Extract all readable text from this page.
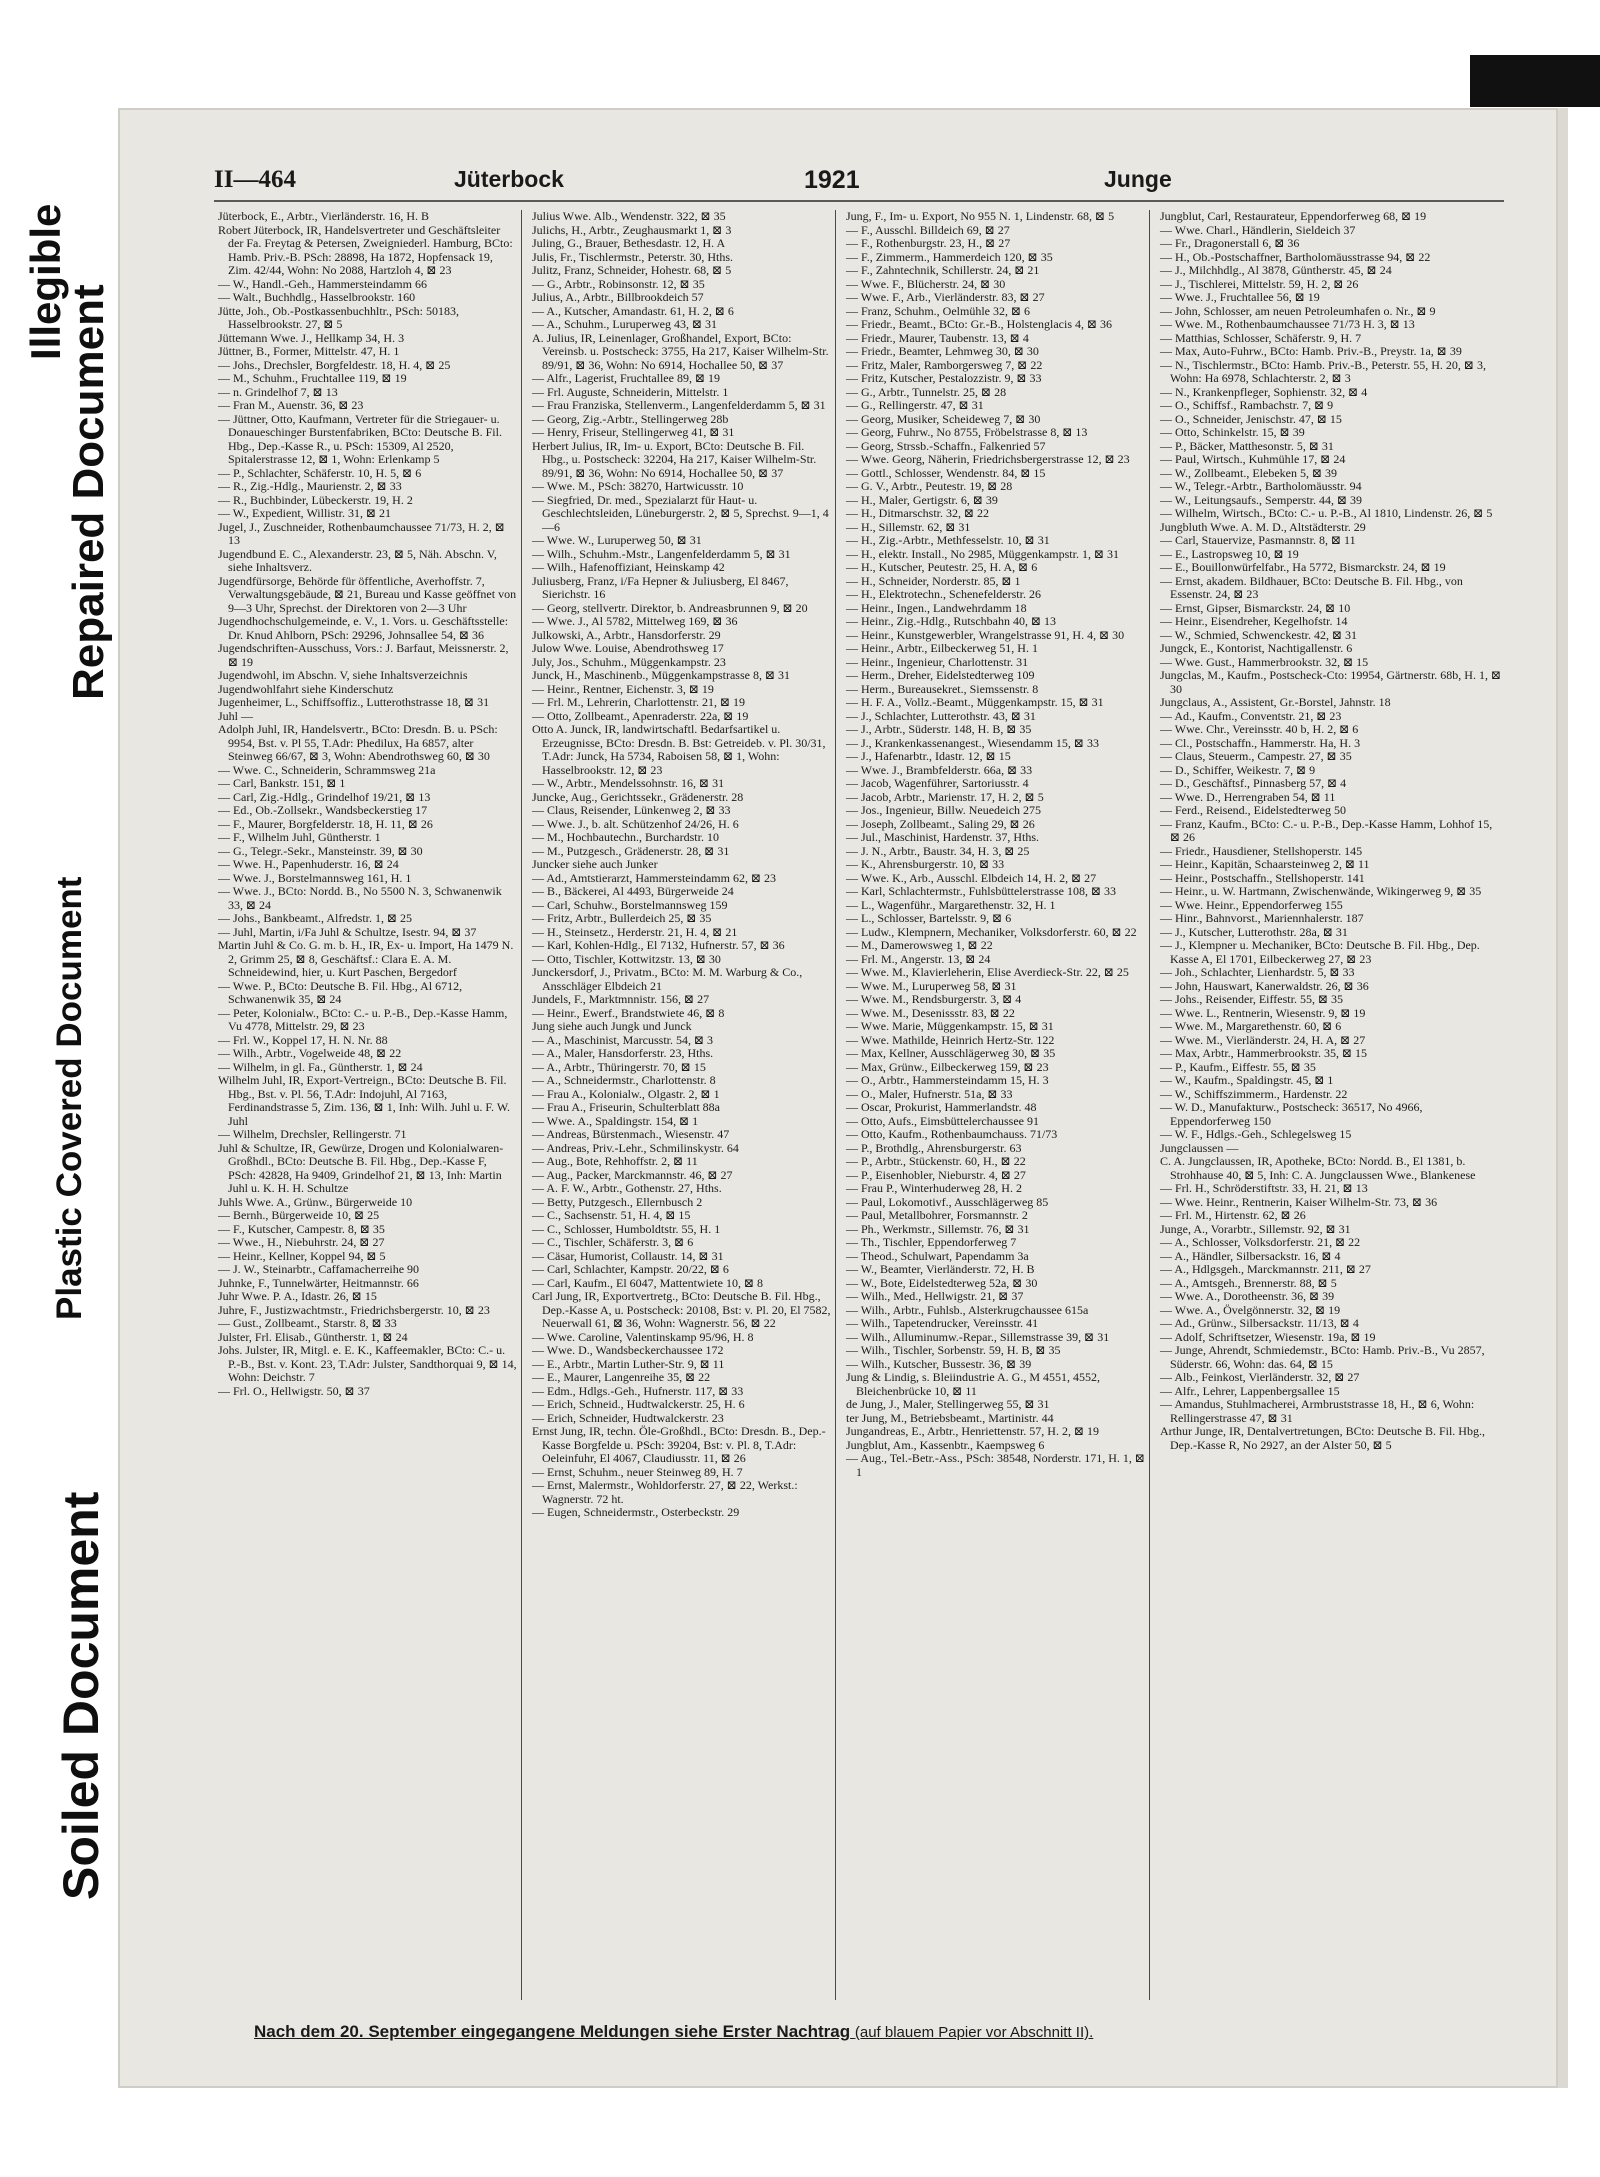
Illegible
Repaired Document
Plastic Covered Document
Soiled Document
II—464	Jüterbock	1921	Junge

Jüterbock, E., Arbtr., Vierländerstr. 16, H. B

Robert Jüterbock, IR, Handelsvertreter und Geschäftsleiter der Fa. Freytag & Petersen, Zweigniederl. Hamburg, BCto: Hamb. Priv.-B. PSch: 28898, Ha 1872, Hopfensack 19, Zim. 42/44, Wohn: No 2088, Hartzloh 4, ⊠ 23

— W., Handl.-Geh., Hammersteindamm 66

— Walt., Buchhdlg., Hasselbrookstr. 160

Jütte, Joh., Ob.-Postkassenbuchhltr., PSch: 50183, Hasselbrookstr. 27, ⊠ 5

Jüttemann Wwe. J., Hellkamp 34, H. 3

Jüttner, B., Former, Mittelstr. 47, H. 1

— Johs., Drechsler, Borgfeldestr. 18, H. 4, ⊠ 25

— M., Schuhm., Fruchtallee 119, ⊠ 19

— n. Grindelhof 7, ⊠ 13

— Fran M., Auenstr. 36, ⊠ 23

— Jüttner, Otto, Kaufmann, Vertreter für die Striegauer- u. Donaueschinger Burstenfabriken, BCto: Deutsche B. Fil. Hbg., Dep.-Kasse R., u. PSch: 15309, Al 2520, Spitalerstrasse 12, ⊠ 1, Wohn: Erlenkamp 5

— P., Schlachter, Schäferstr. 10, H. 5, ⊠ 6

— R., Zig.-Hdlg., Maurienstr. 2, ⊠ 33

— R., Buchbinder, Lübeckerstr. 19, H. 2

— W., Expedient, Willistr. 31, ⊠ 21

Jugel, J., Zuschneider, Rothenbaumchaussee 71/73, H. 2, ⊠ 13

Jugendbund E. C., Alexanderstr. 23, ⊠ 5, Näh. Abschn. V, siehe Inhaltsverz.

Jugendfürsorge, Behörde für öffentliche, Averhoffstr. 7, Verwaltungsgebäude, ⊠ 21, Bureau und Kasse geöffnet von 9—3 Uhr, Sprechst. der Direktoren von 2—3 Uhr

Jugendhochschulgemeinde, e. V., 1. Vors. u. Geschäftsstelle: Dr. Knud Ahlborn, PSch: 29296, Johnsallee 54, ⊠ 36

Jugendschriften-Ausschuss, Vors.: J. Barfaut, Meissnerstr. 2, ⊠ 19

Jugendwohl, im Abschn. V, siehe Inhaltsverzeichnis

Jugendwohlfahrt siehe Kinderschutz

Jugenheimer, L., Schiffsoffiz., Lutterothstrasse 18, ⊠ 31

Juhl —

Adolph Juhl, IR, Handelsvertr., BCto: Dresdn. B. u. PSch: 9954, Bst. v. Pl 55, T.Adr: Phedilux, Ha 6857, alter Steinweg 66/67, ⊠ 3, Wohn: Abendrothsweg 60, ⊠ 30

— Wwe. C., Schneiderin, Schrammsweg 21a

— Carl, Bankstr. 151, ⊠ 1

— Carl, Zig.-Hdlg., Grindelhof 19/21, ⊠ 13

— Ed., Ob.-Zollsekr., Wandsbeckerstieg 17

— F., Maurer, Borgfelderstr. 18, H. 11, ⊠ 26

— F., Wilhelm Juhl, Güntherstr. 1

— G., Telegr.-Sekr., Mansteinstr. 39, ⊠ 30

— Wwe. H., Papenhuderstr. 16, ⊠ 24

— Wwe. J., Borstelmannsweg 161, H. 1

— Wwe. J., BCto: Nordd. B., No 5500 N. 3, Schwanenwik 33, ⊠ 24

— Johs., Bankbeamt., Alfredstr. 1, ⊠ 25

— Juhl, Martin, i/Fa Juhl & Schultze, Isestr. 94, ⊠ 37

Martin Juhl & Co. G. m. b. H., IR, Ex- u. Import, Ha 1479 N. 2, Grimm 25, ⊠ 8, Geschäftsf.: Clara E. A. M. Schneidewind, hier, u. Kurt Paschen, Bergedorf

— Wwe. P., BCto: Deutsche B. Fil. Hbg., Al 6712, Schwanenwik 35, ⊠ 24

— Peter, Kolonialw., BCto: C.- u. P.-B., Dep.-Kasse Hamm, Vu 4778, Mittelstr. 29, ⊠ 23

— Frl. W., Koppel 17, H. N. Nr. 88

— Wilh., Arbtr., Vogelweide 48, ⊠ 22

— Wilhelm, in gl. Fa., Güntherstr. 1, ⊠ 24

Wilhelm Juhl, IR, Export-Vertreign., BCto: Deutsche B. Fil. Hbg., Bst. v. Pl. 56, T.Adr: Indojuhl, Al 7163, Ferdinandstrasse 5, Zim. 136, ⊠ 1, Inh: Wilh. Juhl u. F. W. Juhl

— Wilhelm, Drechsler, Rellingerstr. 71

Juhl & Schultze, IR, Gewürze, Drogen und Kolonialwaren-Großhdl., BCto: Deutsche B. Fil. Hbg., Dep.-Kasse F, PSch: 42828, Ha 9409, Grindelhof 21, ⊠ 13, Inh: Martin Juhl u. K. H. H. Schultze

Juhls Wwe. A., Grünw., Bürgerweide 10

— Bernh., Bürgerweide 10, ⊠ 25

— F., Kutscher, Campestr. 8, ⊠ 35

— Wwe., H., Niebuhrstr. 24, ⊠ 27

— Heinr., Kellner, Koppel 94, ⊠ 5

— J. W., Steinarbtr., Caffamacherreihe 90

Juhnke, F., Tunnelwärter, Heitmannstr. 66

Juhr Wwe. P. A., Idastr. 26, ⊠ 15

Juhre, F., Justizwachtmstr., Friedrichsbergerstr. 10, ⊠ 23

— Gust., Zollbeamt., Starstr. 8, ⊠ 33

Julster, Frl. Elisab., Güntherstr. 1, ⊠ 24

Johs. Julster, IR, Mitgl. e. E. K., Kaffeemakler, BCto: C.- u. P.-B., Bst. v. Kont. 23, T.Adr: Julster, Sandthorquai 9, ⊠ 14, Wohn: Deichstr. 7

— Frl. O., Hellwigstr. 50, ⊠ 37

Julius Wwe. Alb., Wendenstr. 322, ⊠ 35

Julichs, H., Arbtr., Zeughausmarkt 1, ⊠ 3

Juling, G., Brauer, Bethesdastr. 12, H. A

Julis, Fr., Tischlermstr., Peterstr. 30, Hths.

Julitz, Franz, Schneider, Hohestr. 68, ⊠ 5

— G., Arbtr., Robinsonstr. 12, ⊠ 35

Julius, A., Arbtr., Billbrookdeich 57

— A., Kutscher, Amandastr. 61, H. 2, ⊠ 6

— A., Schuhm., Luruperweg 43, ⊠ 31

A. Julius, IR, Leinenlager, Großhandel, Export, BCto: Vereinsb. u. Postscheck: 3755, Ha 217, Kaiser Wilhelm-Str. 89/91, ⊠ 36, Wohn: No 6914, Hochallee 50, ⊠ 37

— Alfr., Lagerist, Fruchtallee 89, ⊠ 19

— Frl. Auguste, Schneiderin, Mittelstr. 1

— Frau Franziska, Stellenverm., Langenfelderdamm 5, ⊠ 31

— Georg, Zig.-Arbtr., Stellingerweg 28b

— Henry, Friseur, Stellingerweg 41, ⊠ 31

Herbert Julius, IR, Im- u. Export, BCto: Deutsche B. Fil. Hbg., u. Postscheck: 32204, Ha 217, Kaiser Wilhelm-Str. 89/91, ⊠ 36, Wohn: No 6914, Hochallee 50, ⊠ 37

— Wwe. M., PSch: 38270, Hartwicusstr. 10

— Siegfried, Dr. med., Spezialarzt für Haut- u. Geschlechtsleiden, Lüneburgerstr. 2, ⊠ 5, Sprechst. 9—1, 4—6

— Wwe. W., Luruperweg 50, ⊠ 31

— Wilh., Schuhm.-Mstr., Langenfelderdamm 5, ⊠ 31

— Wilh., Hafenoffiziant, Heinskamp 42

Juliusberg, Franz, i/Fa Hepner & Juliusberg, El 8467, Sierichstr. 16

— Georg, stellvertr. Direktor, b. Andreasbrunnen 9, ⊠ 20

— Wwe. J., Al 5782, Mittelweg 169, ⊠ 36

Julkowski, A., Arbtr., Hansdorferstr. 29

Julow Wwe. Louise, Abendrothsweg 17

July, Jos., Schuhm., Müggenkampstr. 23

Junck, H., Maschinenb., Müggenkampstrasse 8, ⊠ 31

— Heinr., Rentner, Eichenstr. 3, ⊠ 19

— Frl. M., Lehrerin, Charlottenstr. 21, ⊠ 19

— Otto, Zollbeamt., Apenraderstr. 22a, ⊠ 19

Otto A. Junck, IR, landwirtschaftl. Bedarfsartikel u. Erzeugnisse, BCto: Dresdn. B. Bst: Getreideb. v. Pl. 30/31, T.Adr: Junck, Ha 5734, Raboisen 58, ⊠ 1, Wohn: Hasselbrookstr. 12, ⊠ 23

— W., Arbtr., Mendelssohnstr. 16, ⊠ 31

Juncke, Aug., Gerichtssekr., Grädenerstr. 28

— Claus, Reisender, Lünkenweg 2, ⊠ 33

— Wwe. J., b. alt. Schützenhof 24/26, H. 6

— M., Hochbautechn., Burchardstr. 10

— M., Putzgesch., Grädenerstr. 28, ⊠ 31

Juncker siehe auch Junker

— Ad., Amtstierarzt, Hammersteindamm 62, ⊠ 23

— B., Bäckerei, Al 4493, Bürgerweide 24

— Carl, Schuhw., Borstelmannsweg 159

— Fritz, Arbtr., Bullerdeich 25, ⊠ 35

— H., Steinsetz., Herderstr. 21, H. 4, ⊠ 21

— Karl, Kohlen-Hdlg., El 7132, Hufnerstr. 57, ⊠ 36

— Otto, Tischler, Kottwitzstr. 13, ⊠ 30

Junckersdorf, J., Privatm., BCto: M. M. Warburg & Co., Ansschläger Elbdeich 21

Jundels, F., Marktmnnistr. 156, ⊠ 27

— Heinr., Ewerf., Brandstwiete 46, ⊠ 8

Jung siehe auch Jungk und Junck

— A., Maschinist, Marcusstr. 54, ⊠ 3

— A., Maler, Hansdorferstr. 23, Hths.

— A., Arbtr., Thüringerstr. 70, ⊠ 15

— A., Schneidermstr., Charlottenstr. 8

— Frau A., Kolonialw., Olgastr. 2, ⊠ 1

— Frau A., Friseurin, Schulterblatt 88a

— Wwe. A., Spaldingstr. 154, ⊠ 1

— Andreas, Bürstenmach., Wiesenstr. 47

— Andreas, Priv.-Lehr., Schmilinskystr. 64

— Aug., Bote, Rehhoffstr. 2, ⊠ 11

— Aug., Packer, Marckmannstr. 46, ⊠ 27

— A. F. W., Arbtr., Gothenstr. 27, Hths.

— Betty, Putzgesch., Ellernbusch 2

— C., Sachsenstr. 51, H. 4, ⊠ 15

— C., Schlosser, Humboldtstr. 55, H. 1

— C., Tischler, Schäferstr. 3, ⊠ 6

— Cäsar, Humorist, Collaustr. 14, ⊠ 31

— Carl, Schlachter, Kampstr. 20/22, ⊠ 6

— Carl, Kaufm., El 6047, Mattentwiete 10, ⊠ 8

Carl Jung, IR, Exportvertretg., BCto: Deutsche B. Fil. Hbg., Dep.-Kasse A, u. Postscheck: 20108, Bst: v. Pl. 20, El 7582, Neuerwall 61, ⊠ 36, Wohn: Wagnerstr. 56, ⊠ 22

— Wwe. Caroline, Valentinskamp 95/96, H. 8

— Wwe. D., Wandsbeckerchaussee 172

— E., Arbtr., Martin Luther-Str. 9, ⊠ 11

— E., Maurer, Langenreihe 35, ⊠ 22

— Edm., Hdlgs.-Geh., Hufnerstr. 117, ⊠ 33

— Erich, Schneid., Hudtwalckerstr. 25, H. 6

— Erich, Schneider, Hudtwalckerstr. 23

Ernst Jung, IR, techn. Öle-Großhdl., BCto: Dresdn. B., Dep.-Kasse Borgfelde u. PSch: 39204, Bst: v. Pl. 8, T.Adr: Oeleinfuhr, El 4067, Claudiusstr. 11, ⊠ 26

— Ernst, Schuhm., neuer Steinweg 89, H. 7

— Ernst, Malermstr., Wohldorferstr. 27, ⊠ 22, Werkst.: Wagnerstr. 72 ht.

— Eugen, Schneidermstr., Osterbeckstr. 29

Jung, F., Im- u. Export, No 955 N. 1, Lindenstr. 68, ⊠ 5

— F., Ausschl. Billdeich 69, ⊠ 27

— F., Rothenburgstr. 23, H., ⊠ 27

— F., Zimmerm., Hammerdeich 120, ⊠ 35

— F., Zahntechnik, Schillerstr. 24, ⊠ 21

— Wwe. F., Blücherstr. 24, ⊠ 30

— Wwe. F., Arb., Vierländerstr. 83, ⊠ 27

— Franz, Schuhm., Oelmühle 32, ⊠ 6

— Friedr., Beamt., BCto: Gr.-B., Holstenglacis 4, ⊠ 36

— Friedr., Maurer, Taubenstr. 13, ⊠ 4

— Friedr., Beamter, Lehmweg 30, ⊠ 30

— Fritz, Maler, Ramborgersweg 7, ⊠ 22

— Fritz, Kutscher, Pestalozzistr. 9, ⊠ 33

— G., Arbtr., Tunnelstr. 25, ⊠ 28

— G., Rellingerstr. 47, ⊠ 31

— Georg, Musiker, Scheideweg 7, ⊠ 30

— Georg, Fuhrw., No 8755, Fröbelstrasse 8, ⊠ 13

— Georg, Strssb.-Schaffn., Falkenried 57

— Wwe. Georg, Näherin, Friedrichsbergerstrasse 12, ⊠ 23

— Gottl., Schlosser, Wendenstr. 84, ⊠ 15

— G. V., Arbtr., Peutestr. 19, ⊠ 28

— H., Maler, Gertigstr. 6, ⊠ 39

— H., Ditmarschstr. 32, ⊠ 22

— H., Sillemstr. 62, ⊠ 31

— H., Zig.-Arbtr., Methfesselstr. 10, ⊠ 31

— H., elektr. Install., No 2985, Müggenkampstr. 1, ⊠ 31

— H., Kutscher, Peutestr. 25, H. A, ⊠ 6

— H., Schneider, Norderstr. 85, ⊠ 1

— H., Elektrotechn., Schenefelderstr. 26

— Heinr., Ingen., Landwehrdamm 18

— Heinr., Zig.-Hdlg., Rutschbahn 40, ⊠ 13

— Heinr., Kunstgewerbler, Wrangelstrasse 91, H. 4, ⊠ 30

— Heinr., Arbtr., Eilbeckerweg 51, H. 1

— Heinr., Ingenieur, Charlottenstr. 31

— Herm., Dreher, Eidelstedterweg 109

— Herm., Bureausekret., Siemssenstr. 8

— H. F. A., Vollz.-Beamt., Müggenkampstr. 15, ⊠ 31

— J., Schlachter, Lutterothstr. 43, ⊠ 31

— J., Arbtr., Süderstr. 148, H. B, ⊠ 35

— J., Krankenkassenangest., Wiesendamm 15, ⊠ 33

— J., Hafenarbtr., Idastr. 12, ⊠ 15

— Wwe. J., Brambfelderstr. 66a, ⊠ 33

— Jacob, Wagenführer, Sartoriusstr. 4

— Jacob, Arbtr., Marienstr. 17, H. 2, ⊠ 5

— Jos., Ingenieur, Billw. Neuedeich 275

— Joseph, Zollbeamt., Saling 29, ⊠ 26

— Jul., Maschinist, Hardenstr. 37, Hths.

— J. N., Arbtr., Baustr. 34, H. 3, ⊠ 25

— K., Ahrensburgerstr. 10, ⊠ 33

— Wwe. K., Arb., Ausschl. Elbdeich 14, H. 2, ⊠ 27

— Karl, Schlachtermstr., Fuhlsbüttelerstrasse 108, ⊠ 33

— L., Wagenführ., Margarethenstr. 32, H. 1

— L., Schlosser, Bartelsstr. 9, ⊠ 6

— Ludw., Klempnern, Mechaniker, Volksdorferstr. 60, ⊠ 22

— M., Damerowsweg 1, ⊠ 22

— Frl. M., Angerstr. 13, ⊠ 24

— Wwe. M., Klavierleherin, Elise Averdieck-Str. 22, ⊠ 25

— Wwe. M., Luruperweg 58, ⊠ 31

— Wwe. M., Rendsburgerstr. 3, ⊠ 4

— Wwe. M., Desenissstr. 83, ⊠ 22

— Wwe. Marie, Müggenkampstr. 15, ⊠ 31

— Wwe. Mathilde, Heinrich Hertz-Str. 122

— Max, Kellner, Ausschlägerweg 30, ⊠ 35

— Max, Grünw., Eilbeckerweg 159, ⊠ 23

— O., Arbtr., Hammersteindamm 15, H. 3

— O., Maler, Hufnerstr. 51a, ⊠ 33

— Oscar, Prokurist, Hammerlandstr. 48

— Otto, Aufs., Eimsbüttelerchaussee 91

— Otto, Kaufm., Rothenbaumchauss. 71/73

— P., Brothdlg., Ahrensburgerstr. 63

— P., Arbtr., Stückenstr. 60, H., ⊠ 22

— P., Eisenhobler, Nieburstr. 4, ⊠ 27

— Frau P., Winterhuderweg 28, H. 2

— Paul, Lokomotivf., Ausschlägerweg 85

— Paul, Metallbohrer, Forsmannstr. 2

— Ph., Werkmstr., Sillemstr. 76, ⊠ 31

— Th., Tischler, Eppendorferweg 7

— Theod., Schulwart, Papendamm 3a

— W., Beamter, Vierländerstr. 72, H. B

— W., Bote, Eidelstedterweg 52a, ⊠ 30

— Wilh., Med., Hellwigstr. 21, ⊠ 37

— Wilh., Arbtr., Fuhlsb., Alsterkrugchaussee 615a

— Wilh., Tapetendrucker, Vereinsstr. 41

— Wilh., Alluminumw.-Repar., Sillemstrasse 39, ⊠ 31

— Wilh., Tischler, Sorbenstr. 59, H. B, ⊠ 35

— Wilh., Kutscher, Bussestr. 36, ⊠ 39

Jung & Lindig, s. Bleiindustrie A. G., M 4551, 4552, Bleichenbrücke 10, ⊠ 11

de Jung, J., Maler, Stellingerweg 55, ⊠ 31

ter Jung, M., Betriebsbeamt., Martinistr. 44

Jungandreas, E., Arbtr., Henriettenstr. 57, H. 2, ⊠ 19

Jungblut, Am., Kassenbtr., Kaempsweg 6

— Aug., Tel.-Betr.-Ass., PSch: 38548, Norderstr. 171, H. 1, ⊠ 1

Jungblut, Carl, Restaurateur, Eppendorferweg 68, ⊠ 19

— Wwe. Charl., Händlerin, Sieldeich 37

— Fr., Dragonerstall 6, ⊠ 36

— H., Ob.-Postschaffner, Bartholomäusstrasse 94, ⊠ 22

— J., Milchhdlg., Al 3878, Güntherstr. 45, ⊠ 24

— J., Tischlerei, Mittelstr. 59, H. 2, ⊠ 26

— Wwe. J., Fruchtallee 56, ⊠ 19

— John, Schlosser, am neuen Petroleumhafen o. Nr., ⊠ 9

— Wwe. M., Rothenbaumchaussee 71/73 H. 3, ⊠ 13

— Matthias, Schlosser, Schäferstr. 9, H. 7

— Max, Auto-Fuhrw., BCto: Hamb. Priv.-B., Preystr. 1a, ⊠ 39

— N., Tischlermstr., BCto: Hamb. Priv.-B., Peterstr. 55, H. 20, ⊠ 3, Wohn: Ha 6978, Schlachterstr. 2, ⊠ 3

— N., Krankenpfleger, Sophienstr. 32, ⊠ 4

— O., Schiffsf., Rambachstr. 7, ⊠ 9

— O., Schneider, Jenischstr. 47, ⊠ 15

— Otto, Schinkelstr. 15, ⊠ 39

— P., Bäcker, Matthesonstr. 5, ⊠ 31

— Paul, Wirtsch., Kuhmühle 17, ⊠ 24

— W., Zollbeamt., Elebeken 5, ⊠ 39

— W., Telegr.-Arbtr., Bartholomäusstr. 94

— W., Leitungsaufs., Semperstr. 44, ⊠ 39

— Wilhelm, Wirtsch., BCto: C.- u. P.-B., Al 1810, Lindenstr. 26, ⊠ 5

Jungbluth Wwe. A. M. D., Altstädterstr. 29

— Carl, Stauervize, Pasmannstr. 8, ⊠ 11

— E., Lastropsweg 10, ⊠ 19

— E., Bouillonwürfelfabr., Ha 5772, Bismarckstr. 24, ⊠ 19

— Ernst, akadem. Bildhauer, BCto: Deutsche B. Fil. Hbg., von Essenstr. 24, ⊠ 23

— Ernst, Gipser, Bismarckstr. 24, ⊠ 10

— Heinr., Eisendreher, Kegelhofstr. 14

— W., Schmied, Schwenckestr. 42, ⊠ 31

Jungck, E., Kontorist, Nachtigallenstr. 6

— Wwe. Gust., Hammerbrookstr. 32, ⊠ 15

Jungclas, M., Kaufm., Postscheck-Cto: 19954, Gärtnerstr. 68b, H. 1, ⊠ 30

Jungclaus, A., Assistent, Gr.-Borstel, Jahnstr. 18

— Ad., Kaufm., Conventstr. 21, ⊠ 23

— Wwe. Chr., Vereinsstr. 40 b, H. 2, ⊠ 6

— Cl., Postschaffn., Hammerstr. Ha, H. 3

— Claus, Steuerm., Campestr. 27, ⊠ 35

— D., Schiffer, Weikestr. 7, ⊠ 9

— D., Geschäftsf., Pinnasberg 57, ⊠ 4

— Wwe. D., Herrengraben 54, ⊠ 11

— Ferd., Reisend., Eidelstedterweg 50

— Franz, Kaufm., BCto: C.- u. P.-B., Dep.-Kasse Hamm, Lohhof 15, ⊠ 26

— Friedr., Hausdiener, Stellshoperstr. 145

— Heinr., Kapitän, Schaarsteinweg 2, ⊠ 11

— Heinr., Postschaffn., Stellshoperstr. 141

— Heinr., u. W. Hartmann, Zwischenwände, Wikingerweg 9, ⊠ 35

— Wwe. Heinr., Eppendorferweg 155

— Hinr., Bahnvorst., Mariennhalerstr. 187

— J., Kutscher, Lutterothstr. 28a, ⊠ 31

— J., Klempner u. Mechaniker, BCto: Deutsche B. Fil. Hbg., Dep. Kasse A, El 1701, Eilbeckerweg 27, ⊠ 23

— Joh., Schlachter, Lienhardstr. 5, ⊠ 33

— John, Hauswart, Kanerwaldstr. 26, ⊠ 36

— Johs., Reisender, Eiffestr. 55, ⊠ 35

— Wwe. L., Rentnerin, Wiesenstr. 9, ⊠ 19

— Wwe. M., Margarethenstr. 60, ⊠ 6

— Wwe. M., Vierländerstr. 24, H. A, ⊠ 27

— Max, Arbtr., Hammerbrookstr. 35, ⊠ 15

— P., Kaufm., Eiffestr. 55, ⊠ 35

— W., Kaufm., Spaldingstr. 45, ⊠ 1

— W., Schiffszimmerm., Hardenstr. 22

— W. D., Manufakturw., Postscheck: 36517, No 4966, Eppendorferweg 150

— W. F., Hdlgs.-Geh., Schlegelsweg 15

Jungclaussen —

C. A. Jungclaussen, IR, Apotheke, BCto: Nordd. B., El 1381, b. Strohhause 40, ⊠ 5, Inh: C. A. Jungclaussen Wwe., Blankenese

— Frl. H., Schröderstiftstr. 33, H. 21, ⊠ 13

— Wwe. Heinr., Rentnerin, Kaiser Wilhelm-Str. 73, ⊠ 36

— Frl. M., Hirtenstr. 62, ⊠ 26

Junge, A., Vorarbtr., Sillemstr. 92, ⊠ 31

— A., Schlosser, Volksdorferstr. 21, ⊠ 22

— A., Händler, Silbersackstr. 16, ⊠ 4

— A., Hdlgsgeh., Marckmannstr. 211, ⊠ 27

— A., Amtsgeh., Brennerstr. 88, ⊠ 5

— Wwe. A., Dorotheenstr. 36, ⊠ 39

— Wwe. A., Övelgönnerstr. 32, ⊠ 19

— Ad., Grünw., Silbersackstr. 11/13, ⊠ 4

— Adolf, Schriftsetzer, Wiesenstr. 19a, ⊠ 19

— Junge, Ahrendt, Schmiedemstr., BCto: Hamb. Priv.-B., Vu 2857, Süderstr. 66, Wohn: das. 64, ⊠ 15

— Alb., Feinkost, Vierländerstr. 32, ⊠ 27

— Alfr., Lehrer, Lappenbergsallee 15

— Amandus, Stuhlmacherei, Armbruststrasse 18, H., ⊠ 6, Wohn: Rellingerstrasse 47, ⊠ 31

Arthur Junge, IR, Dentalvertretungen, BCto: Deutsche B. Fil. Hbg., Dep.-Kasse R, No 2927, an der Alster 50, ⊠ 5

Nach dem 20. September eingegangene Meldungen siehe Erster Nachtrag (auf blauem Papier vor Abschnitt II).
